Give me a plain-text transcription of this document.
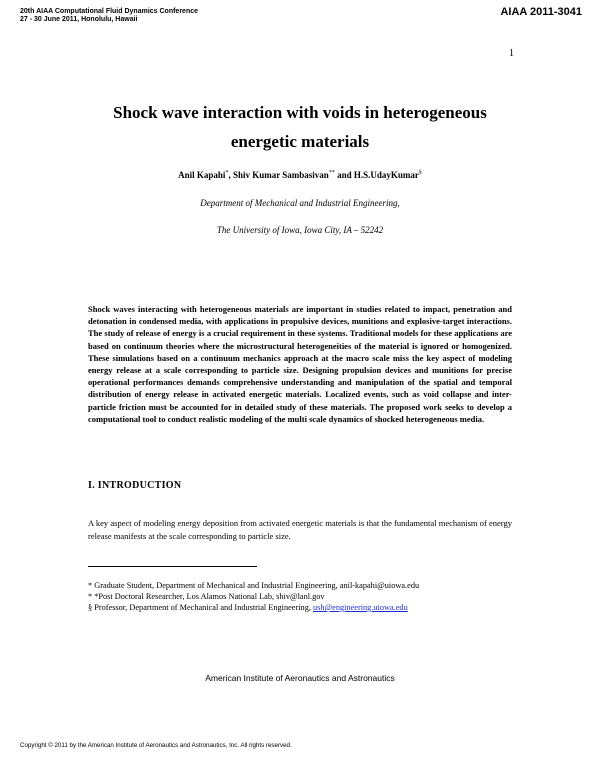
20th AIAA Computational Fluid Dynamics Conference
27 - 30 June 2011, Honolulu, Hawaii
AIAA 2011-3041
1
Shock wave interaction with voids in heterogeneous
energetic materials
Anil Kapahi*, Shiv Kumar Sambasivan** and H.S.UdayKumar§
Department of Mechanical and Industrial Engineering,
The University of Iowa, Iowa City, IA – 52242
Shock waves interacting with heterogeneous materials are important in studies related to impact, penetration and detonation in condensed media, with applications in propulsive devices, munitions and explosive-target interactions. The study of release of energy is a crucial requirement in these systems. Traditional models for these applications are based on continuum theories where the microstructural heterogeneities of the material is ignored or homogenized. These simulations based on a continuum mechanics approach at the macro scale miss the key aspect of modeling energy release at a scale corresponding to particle size. Designing propulsion devices and munitions for precise operational performances demands comprehensive understanding and manipulation of the spatial and temporal distribution of energy release in activated energetic materials. Localized events, such as void collapse and inter-particle friction must be accounted for in detailed study of these materials. The proposed work seeks to develop a computational tool to conduct realistic modeling of the multi scale dynamics of shocked heterogeneous media.
I. INTRODUCTION
A key aspect of modeling energy deposition from activated energetic materials is that the fundamental mechanism of energy release manifests at the scale corresponding to particle size.
* Graduate Student, Department of Mechanical and Industrial Engineering, anil-kapahi@uiowa.edu
* *Post Doctoral Researcher, Los Alamos National Lab, shiv@lanl.gov
§ Professor, Department of Mechanical and Industrial Engineering, ush@engineering.uiowa.edu
American Institute of Aeronautics and Astronautics
Copyright © 2011 by the American Institute of Aeronautics and Astronautics, Inc. All rights reserved.
